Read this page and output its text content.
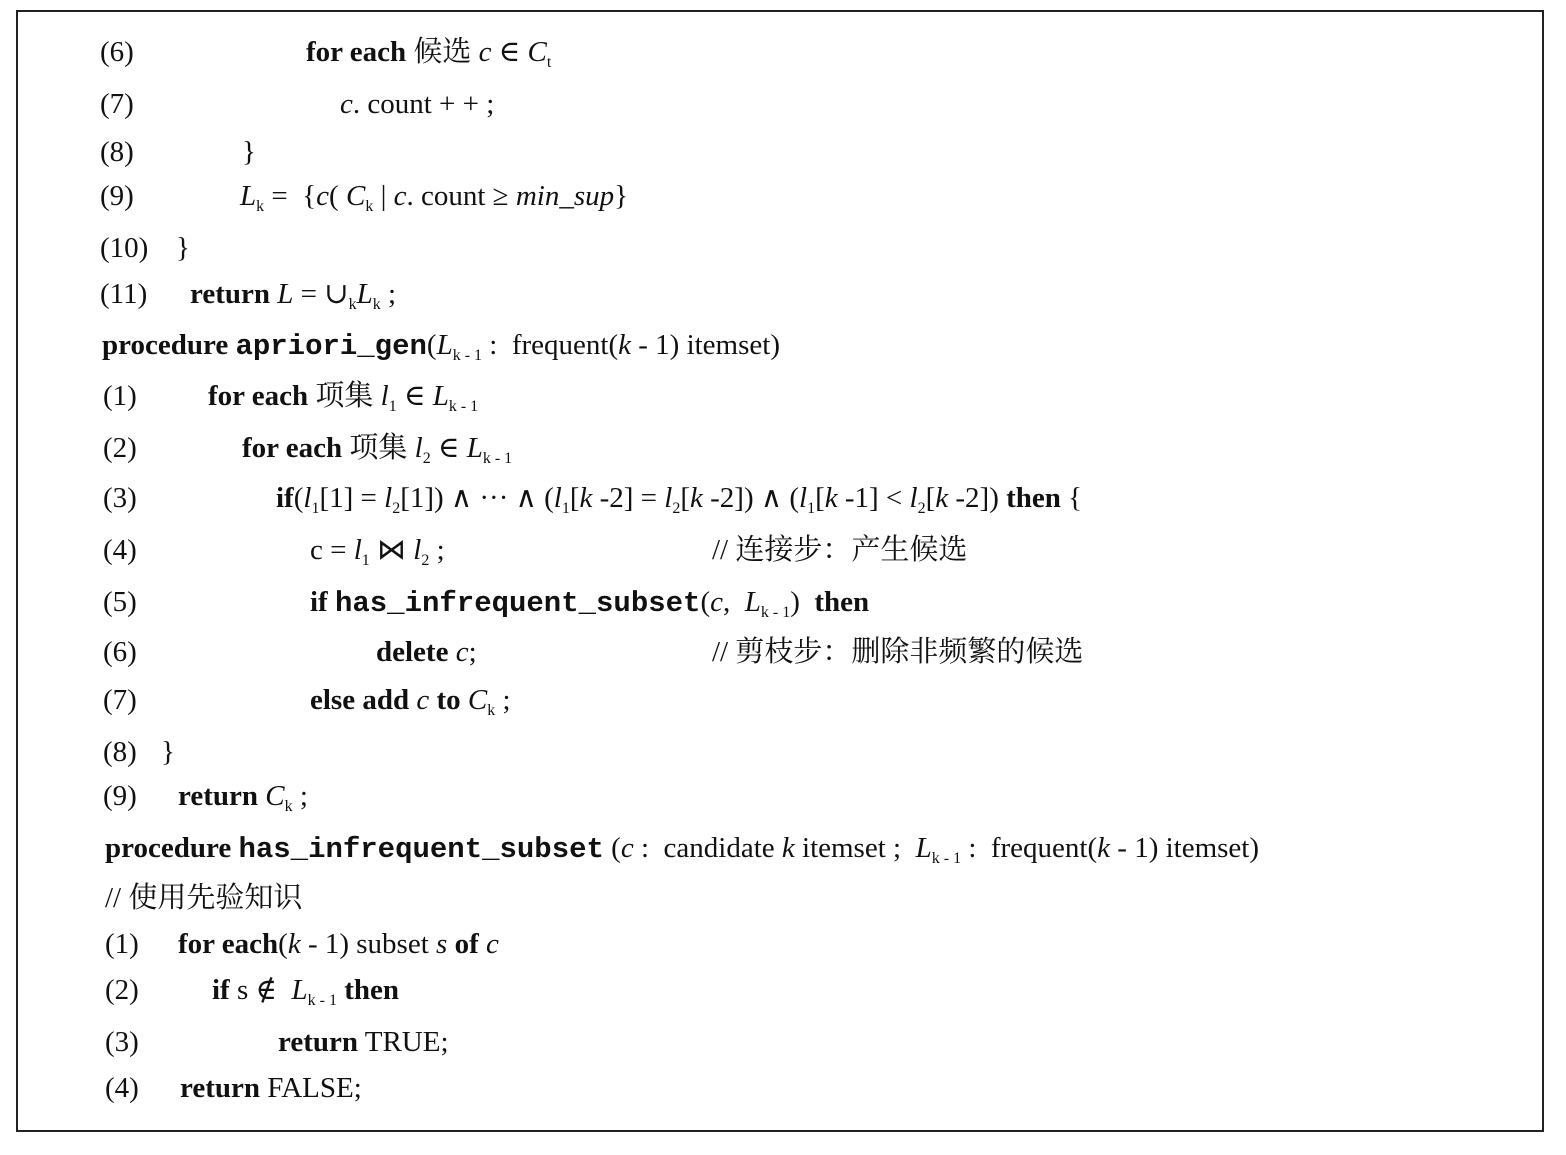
(6)	for each 候选 c ∈ $C_t$
(7)	c. count + + ;
(8)	}
(9)	$L_k = \{c$( $C_k$ | c. count ≥ min_sup}
(10) }
(11) return $L = \cup_kL_k$ ;
procedure $apriori\_gen(L_{k - 1}$ :  frequent(k - 1) itemset)
(1) for each 项集 $l_1$ ∈ $L_{k - 1}$
(2)	for each 项集 $l_2$ ∈ $L_{k - 1}$
(3)	$if(l_1[1] = l_2[1])$ ∧ ··· ∧ ($l_1[k$ $-2] = l_2[k$ -2]) ∧ ($l_1[k$ $-1] < l_2[k$ -2]) then {
(4)	$c = l_1$ ⋈ $l_2$ ;	// 连接步：产生候选
(5)	if has_infrequent_subset(c,  $L_{k - 1}$)  then
(6)	delete c;	// 剪枝步：删除非频繁的候选
(7)	else add c to $C_k$ ;
(8) }
(9) return $C_k$ ;
procedure has_infrequent_subset (c :  candidate k itemset ;  $L_{k - 1}$ :  frequent(k - 1) itemset)
// 使用先验知识
(1) for each(k - 1) subset s of c
(2)	if s ∉  $L_{k - 1}$ then
(3)	return TRUE;
(4) return FALSE;
